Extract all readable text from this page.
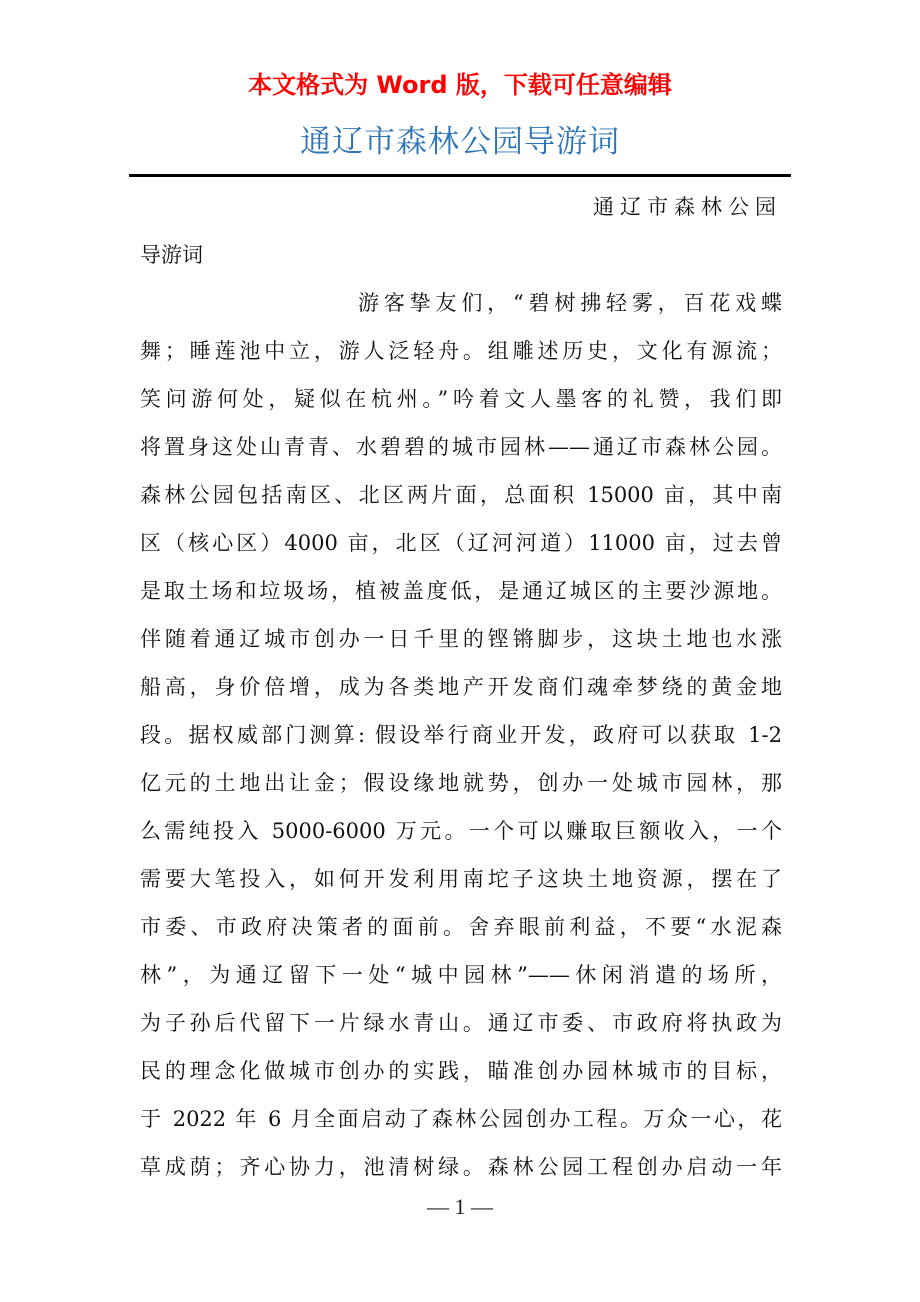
本文格式为 Word 版，下载可任意编辑
通辽市森林公园导游词
通辽市森林公园
导游词
游客挚友们，“碧树拂轻雾，百花戏蝶
舞；睡莲池中立，游人泛轻舟。组雕述历史，文化有源流；
笑问游何处，疑似在杭州。”吟着文人墨客的礼赞，我们即
将置身这处山青青、水碧碧的城市园林——通辽市森林公园。
森林公园包括南区、北区两片面，总面积 15000 亩，其中南
区（核心区）4000 亩，北区（辽河河道）11000 亩，过去曾
是取土场和垃圾场，植被盖度低，是通辽城区的主要沙源地。
伴随着通辽城市创办一日千里的铿锵脚步，这块土地也水涨
船高，身价倍增，成为各类地产开发商们魂牵梦绕的黄金地
段。据权威部门测算: 假设举行商业开发，政府可以获取 1-2
亿元的土地出让金；假设缘地就势，创办一处城市园林，那
么需纯投入 5000-6000 万元。一个可以赚取巨额收入，一个
需要大笔投入，如何开发利用南坨子这块土地资源，摆在了
市委、市政府决策者的面前。舍弃眼前利益，不要“水泥森
林”，为通辽留下一处“城中园林”——休闲消遣的场所，
为子孙后代留下一片绿水青山。通辽市委、市政府将执政为
民的理念化做城市创办的实践，瞄准创办园林城市的目标，
于 2022 年 6 月全面启动了森林公园创办工程。万众一心，花
草成荫；齐心协力，池清树绿。森林公园工程创办启动一年
— 1 —
